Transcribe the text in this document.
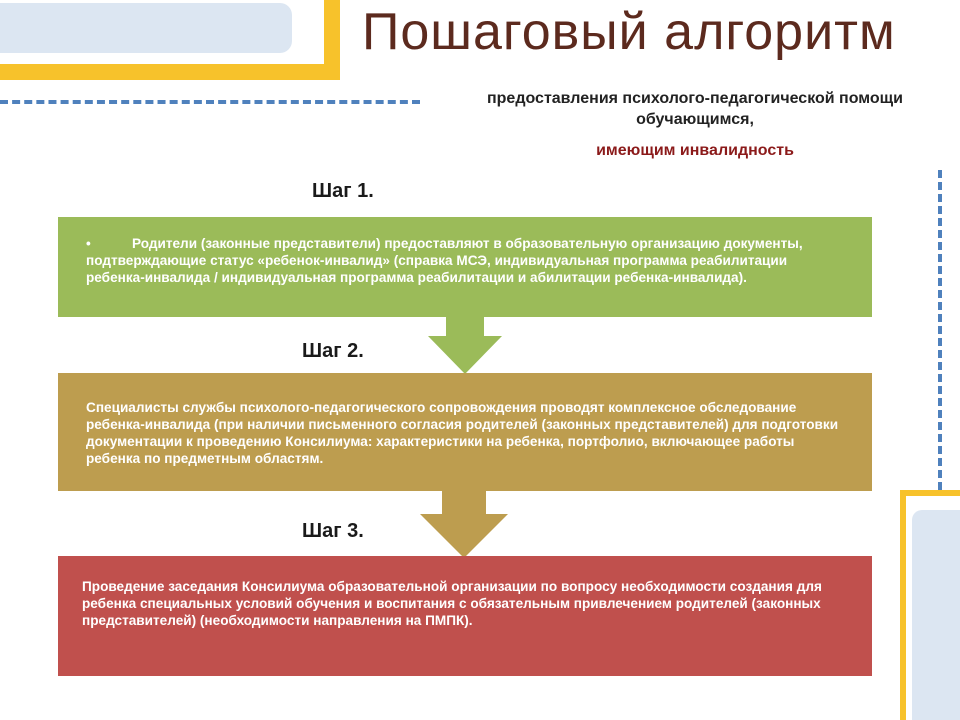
Пошаговый алгоритм
предоставления психолого-педагогической помощи обучающимся,
имеющим инвалидность
Шаг 1.
•	Родители (законные представители) предоставляют в образовательную организацию документы, подтверждающие статус «ребенок-инвалид» (справка МСЭ, индивидуальная программа реабилитации ребенка-инвалида / индивидуальная программа реабилитации и абилитации ребенка-инвалида).
Шаг 2.
Специалисты службы психолого-педагогического сопровождения проводят комплексное обследование ребенка-инвалида (при наличии письменного согласия родителей (законных представителей) для подготовки документации к проведению Консилиума: характеристики на ребенка, портфолио, включающее работы ребенка по предметным областям.
Шаг 3.
Проведение заседания Консилиума образовательной организации по вопросу необходимости создания для ребенка специальных условий обучения и воспитания с обязательным привлечением родителей (законных представителей) (необходимости направления на ПМПК).
